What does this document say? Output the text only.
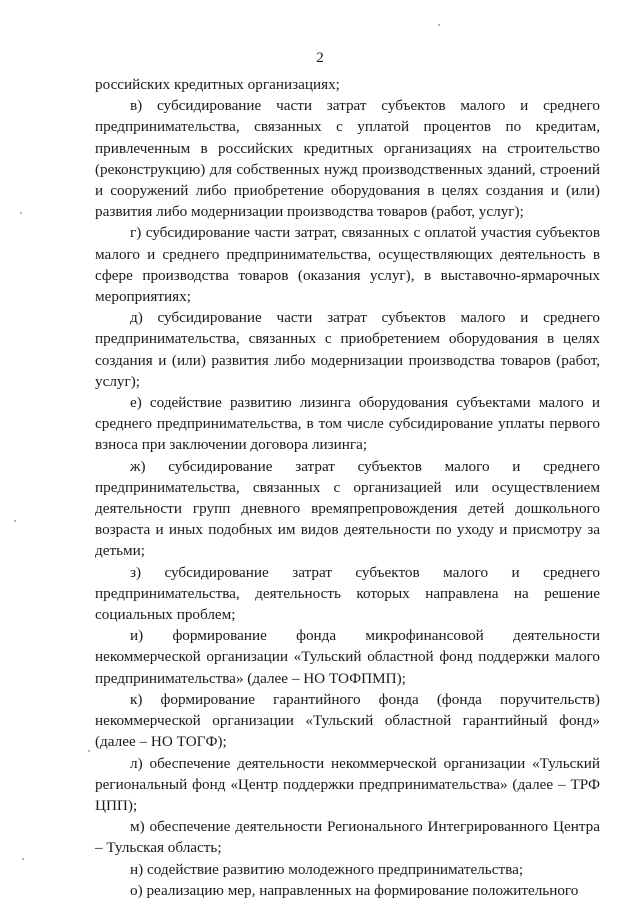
2

российских кредитных организациях;

в) субсидирование части затрат субъектов малого и среднего предпринимательства, связанных с уплатой процентов по кредитам, привлеченным в российских кредитных организациях на строительство (реконструкцию) для собственных нужд производственных зданий, строений и сооружений либо приобретение оборудования в целях создания и (или) развития либо модернизации производства товаров (работ, услуг);

г) субсидирование части затрат, связанных с оплатой участия субъектов малого и среднего предпринимательства, осуществляющих деятельность в сфере производства товаров (оказания услуг), в выставочно-ярмарочных мероприятиях;

д) субсидирование части затрат субъектов малого и среднего предпринимательства, связанных с приобретением оборудования в целях создания и (или) развития либо модернизации производства товаров (работ, услуг);

е) содействие развитию лизинга оборудования субъектами малого и среднего предпринимательства, в том числе субсидирование уплаты первого взноса при заключении договора лизинга;

ж) субсидирование затрат субъектов малого и среднего предпринимательства, связанных с организацией или осуществлением деятельности групп дневного времяпрепровождения детей дошкольного возраста и иных подобных им видов деятельности по уходу и присмотру за детьми;

з) субсидирование затрат субъектов малого и среднего предпринимательства, деятельность которых направлена на решение социальных проблем;

и) формирование фонда микрофинансовой деятельности некоммерческой организации «Тульский областной фонд поддержки малого предпринимательства» (далее – НО ТОФПМП);

к) формирование гарантийного фонда (фонда поручительств) некоммерческой организации «Тульский областной гарантийный фонд» (далее – НО ТОГФ);

л) обеспечение деятельности некоммерческой организации «Тульский региональный фонд «Центр поддержки предпринимательства» (далее – ТРФ ЦПП);

м) обеспечение деятельности Регионального Интегрированного Центра – Тульская область;

н) содействие развитию молодежного предпринимательства;

о) реализацию мер, направленных на формирование положительного
